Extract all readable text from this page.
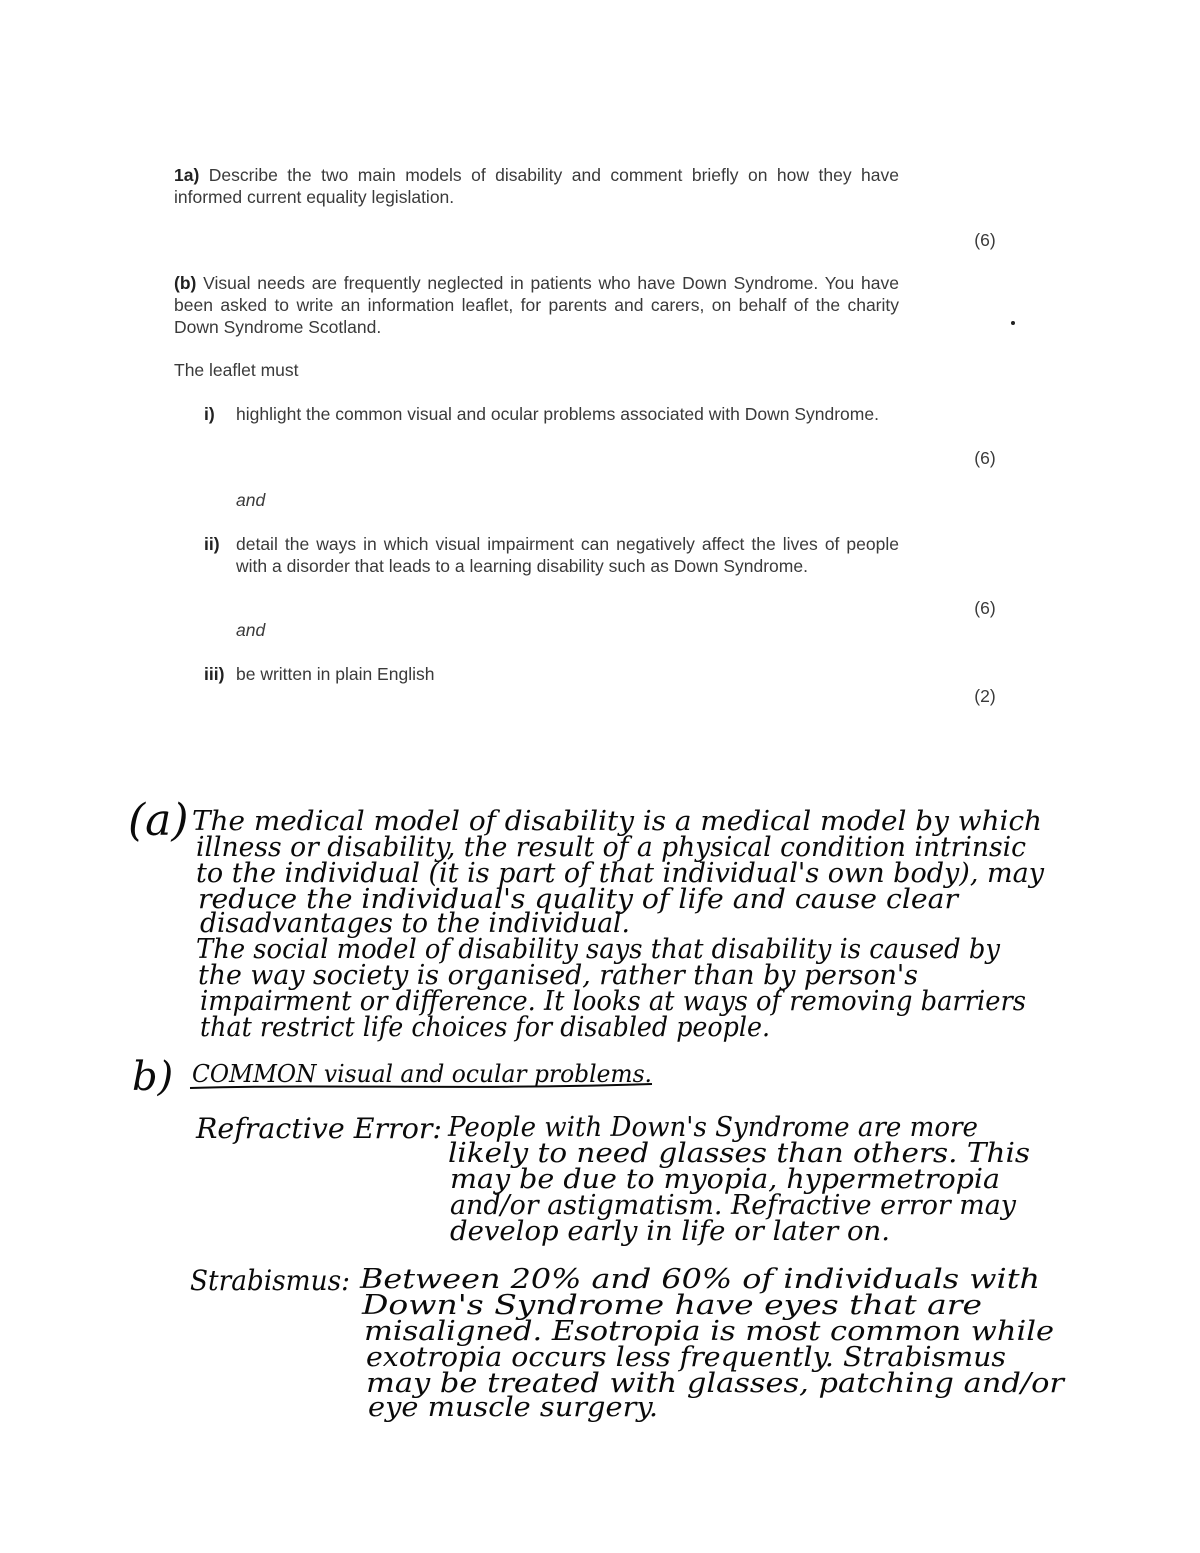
1a) Describe the two main models of disability and comment briefly on how they have informed current equality legislation.
(6)
(b) Visual needs are frequently neglected in patients who have Down Syndrome. You have been asked to write an information leaflet, for parents and carers, on behalf of the charity Down Syndrome Scotland.
The leaflet must
i) highlight the common visual and ocular problems associated with Down Syndrome.
(6)
and
ii) detail the ways in which visual impairment can negatively affect the lives of people with a disorder that leads to a learning disability such as Down Syndrome.
(6)
and
iii) be written in plain English
(2)
(a) The medical model of disability is a medical model by which
illness or disability, the result of a physical condition intrinsic
to the individual (it is part of that individual's own body), may
reduce the individual's quality of life and cause clear
disadvantages to the individual.
The social model of disability says that disability is caused by
the way society is organised, rather than by person's
impairment or difference. It looks at ways of removing barriers
that restrict life choices for disabled people.
b) COMMON visual and ocular problems.
Refractive Error: People with Down's Syndrome are more
likely to need glasses than others. This
may be due to myopia, hypermetropia
and/or astigmatism. Refractive error may
develop early in life or later on.
Strabismus: Between 20% and 60% of individuals with
Down's Syndrome have eyes that are
misaligned. Esotropia is most common while
exotropia occurs less frequently. Strabismus
may be treated with glasses, patching and/or
eye muscle surgery.
